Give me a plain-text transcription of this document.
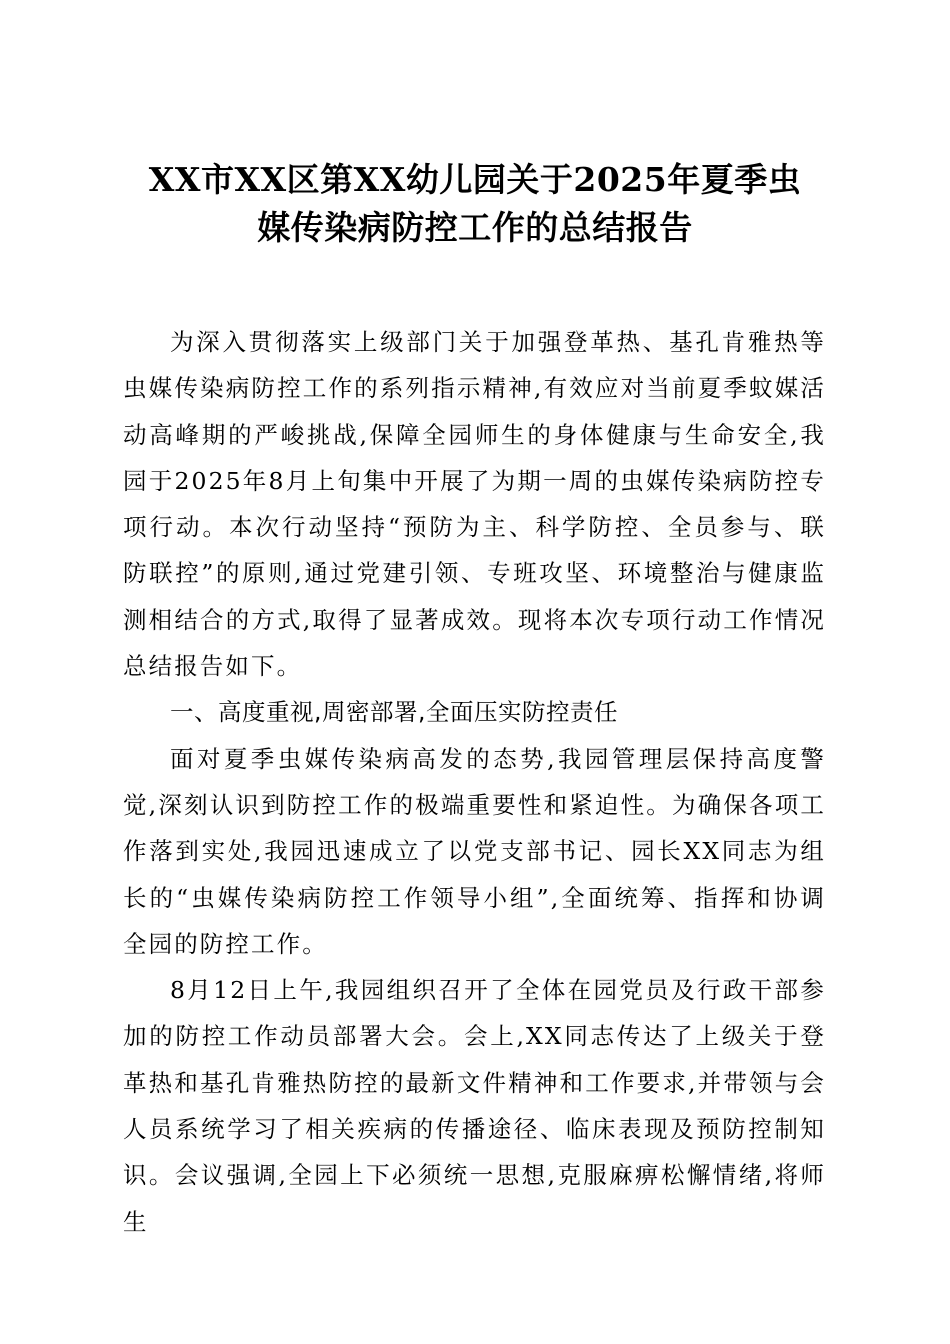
XX市XX区第XX幼儿园关于2025年夏季虫
媒传染病防控工作的总结报告

为深入贯彻落实上级部门关于加强登革热、基孔肯雅热等虫媒传染病防控工作的系列指示精神,有效应对当前夏季蚊媒活动高峰期的严峻挑战,保障全园师生的身体健康与生命安全,我园于2025年8月上旬集中开展了为期一周的虫媒传染病防控专项行动。本次行动坚持“预防为主、科学防控、全员参与、联防联控”的原则,通过党建引领、专班攻坚、环境整治与健康监测相结合的方式,取得了显著成效。现将本次专项行动工作情况总结报告如下。

一、高度重视,周密部署,全面压实防控责任

面对夏季虫媒传染病高发的态势,我园管理层保持高度警觉,深刻认识到防控工作的极端重要性和紧迫性。为确保各项工作落到实处,我园迅速成立了以党支部书记、园长XX同志为组长的“虫媒传染病防控工作领导小组”,全面统筹、指挥和协调全园的防控工作。

8月12日上午,我园组织召开了全体在园党员及行政干部参加的防控工作动员部署大会。会上,XX同志传达了上级关于登革热和基孔肯雅热防控的最新文件精神和工作要求,并带领与会人员系统学习了相关疾病的传播途径、临床表现及预防控制知识。会议强调,全园上下必须统一思想,克服麻痹松懈情绪,将师生
